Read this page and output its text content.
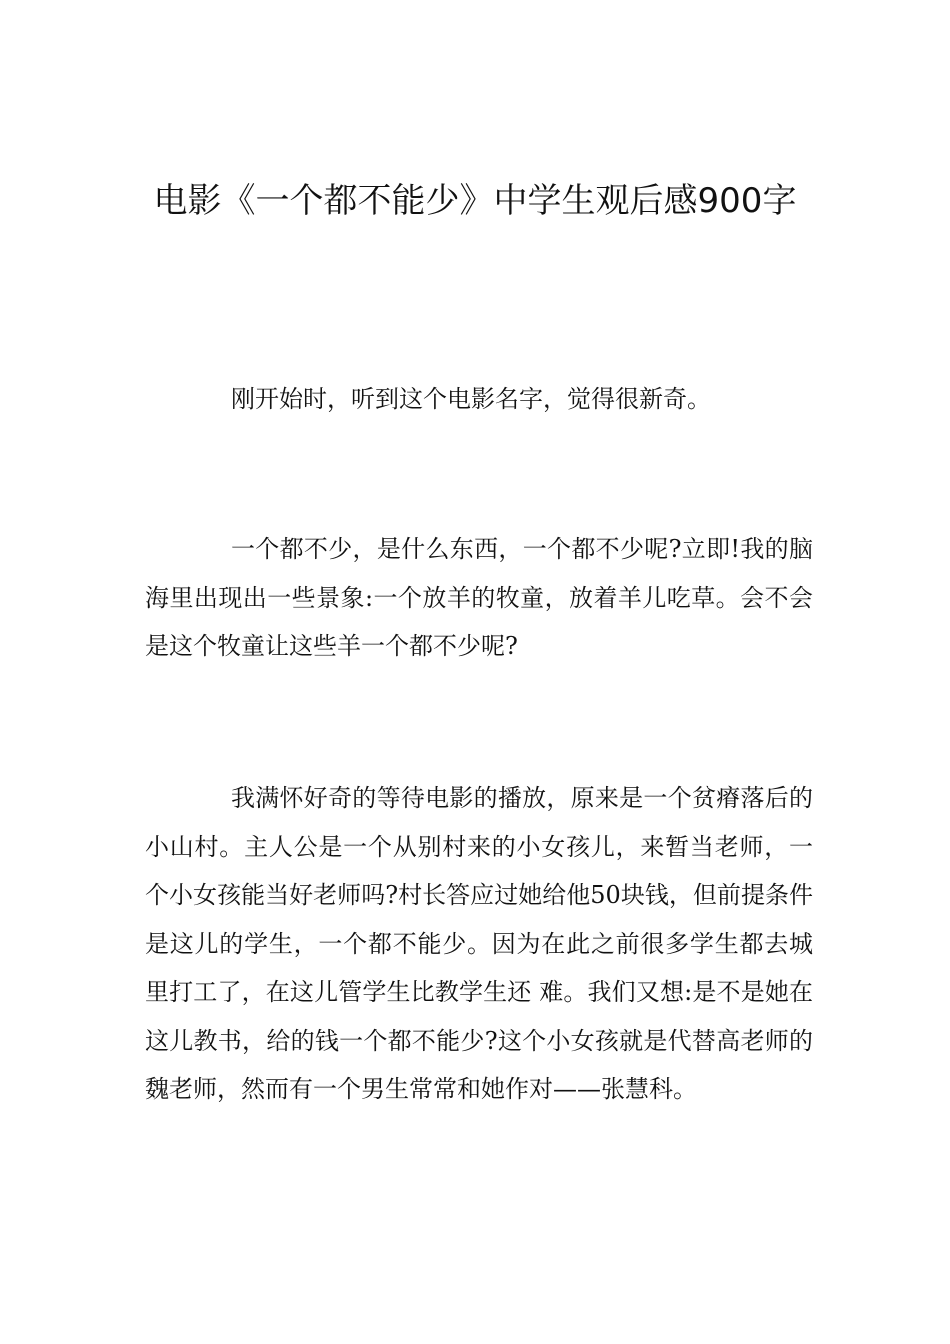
电影《一个都不能少》中学生观后感900字

刚开始时，听到这个电影名字，觉得很新奇。

一个都不少，是什么东西，一个都不少呢?立即!我的脑海里出现出一些景象:一个放羊的牧童，放着羊儿吃草。会不会是这个牧童让这些羊一个都不少呢?

我满怀好奇的等待电影的播放，原来是一个贫瘠落后的小山村。主人公是一个从别村来的小女孩儿，来暂当老师，一个小女孩能当好老师吗?村长答应过她给他50块钱，但前提条件是这儿的学生，一个都不能少。因为在此之前很多学生都去城里打工了，在这儿管学生比教学生还 难。我们又想:是不是她在这儿教书，给的钱一个都不能少?这个小女孩就是代替高老师的魏老师，然而有一个男生常常和她作对——张慧科。
